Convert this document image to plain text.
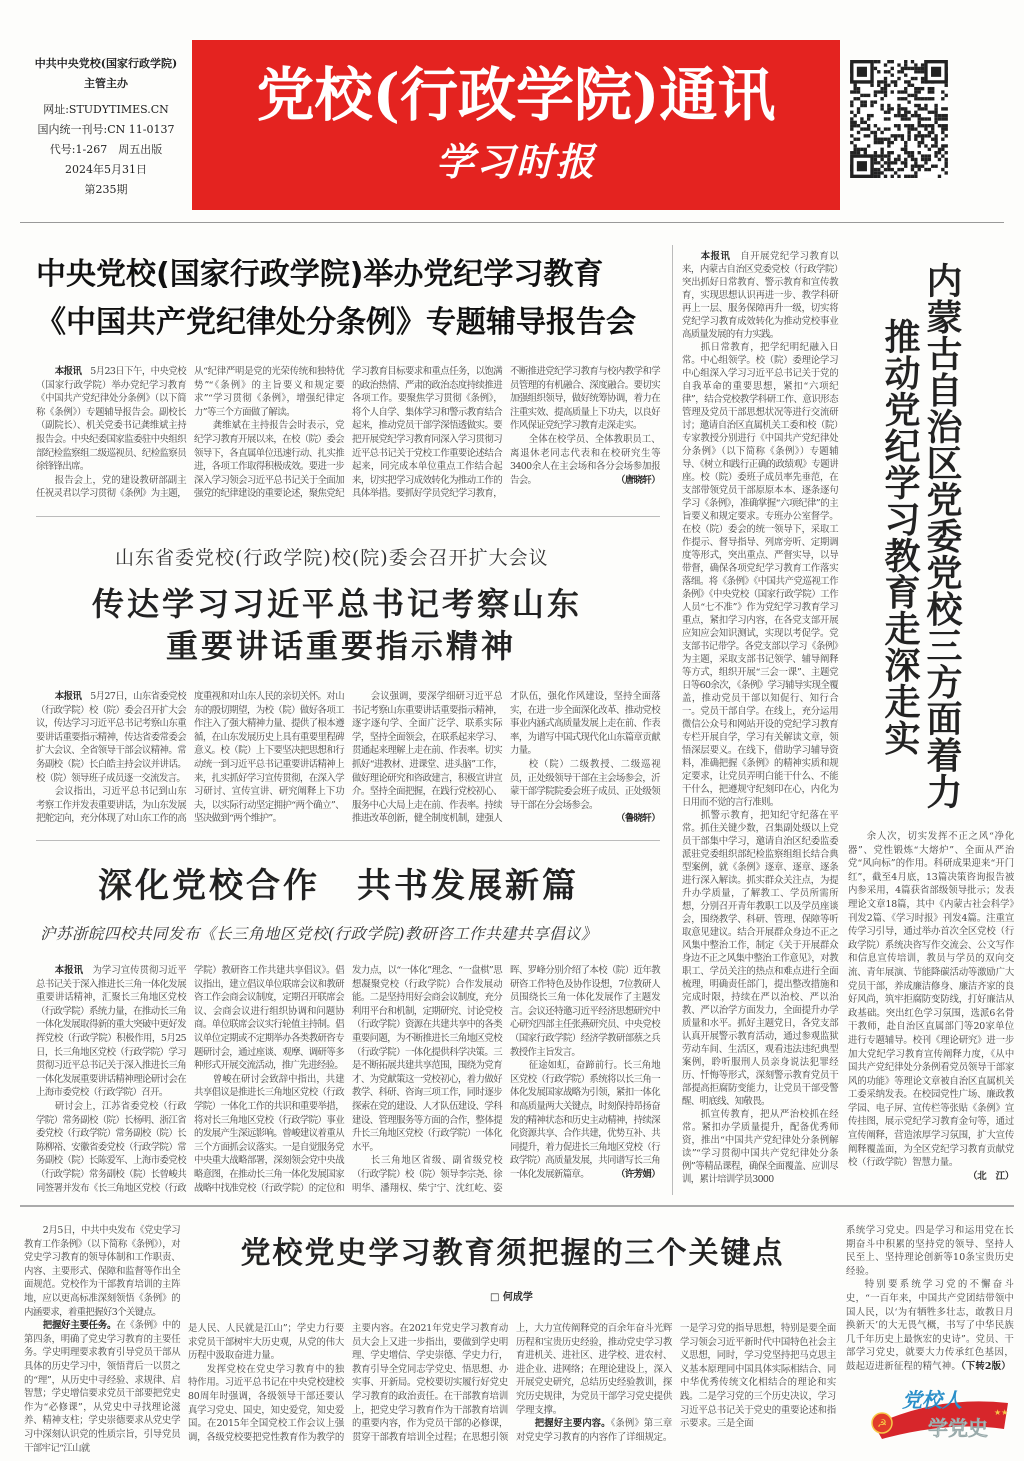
中共中央党校(国家行政学院)
主管主办
网址:STUDYTIMES.CN
国内统一刊号:CN 11-0137
代号:1-267　周五出版
2024年5月31日
第235期
党校(行政学院)通讯
学习时报
中央党校(国家行政学院)举办党纪学习教育
《中国共产党纪律处分条例》专题辅导报告会

本报讯　5月23日下午，中央党校（国家行政学院）举办党纪学习教育《中国共产党纪律处分条例》（以下简称《条例》）专题辅导报告会。副校长（副院长）、机关党委书记龚维斌主持报告会。中央纪委国家监委驻中央组织部纪检监察组二级巡视员、纪检监察员徐锋锋出席。

报告会上，党的建设教研部副主任祝灵君以学习贯彻《条例》为主题，从“纪律严明是党的光荣传统和独特优势”“《条例》的主旨要义和规定要求”“学习贯彻《条例》，增强纪律定力”等三个方面做了解读。

龚维斌在主持报告会时表示，党纪学习教育开展以来，在校（院）委会领导下，各直属单位迅速行动、扎实推进，各项工作取得积极成效。要进一步深入学习领会习近平总书记关于全面加强党的纪律建设的重要论述，聚焦党纪学习教育目标要求和重点任务，以饱满的政治热情、严肃的政治态度持续推进各项工作。要聚焦学习贯彻《条例》，将个人自学、集体学习和警示教育结合起来，推动党员干部学深悟透做实。要把开展党纪学习教育同深入学习贯彻习近平总书记关于党校工作重要论述结合起来，同完成本单位重点工作结合起来，切实把学习成效转化为推动工作的具体举措。要抓好学员党纪学习教育，不断推进党纪学习教育与校内教学和学员管理的有机融合、深度融合。要切实加强组织领导，做好统筹协调，着力在注重实效、提高质量上下功夫，以良好作风保证党纪学习教育走深走实。

全体在校学员、全体教职员工、离退休老同志代表和在校研究生等3400余人在主会场和各分会场参加报告会。	（唐晓轩）

山东省委党校(行政学院)校(院)委会召开扩大会议
传达学习习近平总书记考察山东
重要讲话重要指示精神

本报讯　5月27日，山东省委党校（行政学院）校（院）委会召开扩大会议，传达学习习近平总书记考察山东重要讲话重要指示精神，传达省委常委会扩大会议、全省领导干部会议精神。常务副校（院）长白皓主持会议并讲话。校（院）领导班子成员逐一交流发言。

会议指出，习近平总书记到山东考察工作并发表重要讲话，为山东发展把舵定向，充分体现了对山东工作的高度重视和对山东人民的亲切关怀。对山东的殷切期望，为校（院）做好各项工作注入了强大精神力量、提供了根本遵循，在山东发展历史上具有重要里程碑意义。校（院）上下要坚决把思想和行动统一到习近平总书记重要讲话精神上来，扎实抓好学习宣传贯彻，在深入学习研讨、宣传宣讲、研究阐释上下功夫，以实际行动坚定拥护“两个确立”、坚决做到“两个维护”。

会议强调，要深学细研习近平总书记考察山东重要讲话重要指示精神，逐字逐句学、全面广泛学、联系实际学，坚持全面领会，在联系起来学习、贯通起来理解上走在前、作表率。切实抓好“进教材、进课堂、进头脑”工作，做好理论研究和咨政建言，积极宣讲宣介。坚持全面把握，在践行党校初心、服务中心大局上走在前、作表率。持续推进改革创新，健全制度机制，建强人才队伍，强化作风建设，坚持全面落实，在进一步全面深化改革、推动党校事业内涵式高质量发展上走在前、作表率，为谱写中国式现代化山东篇章贡献力量。

校（院）二级教授、二级巡视员，正处级领导干部在主会场参会，沂蒙干部学院院委会班子成员、正处级领导干部在分会场参会。
（鲁晓轩）

深化党校合作　共书发展新篇
沪苏浙皖四校共同发布《长三角地区党校(行政学院)教研咨工作共建共享倡议》

本报讯　为学习宣传贯彻习近平总书记关于深入推进长三角一体化发展重要讲话精神，汇聚长三角地区党校（行政学院）系统力量，在推动长三角一体化发展取得新的重大突破中更好发挥党校（行政学院）积极作用，5月25日，长三角地区党校（行政学院）学习贯彻习近平总书记关于深入推进长三角一体化发展重要讲话精神理论研讨会在上海市委党校（行政学院）召开。

研讨会上，江苏省委党校（行政学院）常务副校（院）长杨明、浙江省委党校（行政学院）常务副校（院）长陈柳裕、安徽省委党校（行政学院）常务副校（院）长陈爱军、上海市委党校（行政学院）常务副校（院）长曾峻共同签署并发布《长三角地区党校（行政学院）教研咨工作共建共享倡议》。倡议指出，建立倡议单位联席会议和教研咨工作会商会议制度，定期召开联席会议、会商会议进行组织协调和问题协商。单位联席会议实行轮值主持制。倡议单位定期或不定期举办各类教研咨专题研讨会，通过座谈、观摩、调研等多种形式开展交流活动，推广先进经验。

曾峻在研讨会致辞中指出，共建共享倡议是推进长三角地区党校（行政学院）一体化工作的共识和重要举措，将对长三角地区党校（行政学院）事业的发展产生深远影响。曾峻建议着重从三个方面抓会议落实。一是自觉服务党中央重大战略部署，深刻领会党中央战略意图，在推动长三角一体化发展国家战略中找准党校（行政学院）的定位和发力点，以“一体化”理念、“一盘棋”思想凝聚党校（行政学院）合作发展动能。二是坚持用好会商会议制度，充分利用平台和机制，定期研究、讨论党校（行政学院）资源在共建共享中的各类重要问题，为不断推进长三角地区党校（行政学院）一体化提供科学决策。三是不断拓展共建共享范围，围绕为党育才、为党献策这一党校初心，着力做好教学、科研、咨询三项工作，同时逐步探索在党的建设、人才队伍建设、学科建设、管理服务等方面的合作，整体提升长三角地区党校（行政学院）一体化水平。

长三角地区省级、副省级党校（行政学院）校（院）领导李宗尧、徐明华、潘翔权、柴宁宁、沈红屹、姿晖、罗峰分别介绍了本校（院）近年教研咨工作特色及协作设想，7位教研人员围绕长三角一体化发展作了主题发言。会议还特邀习近平经济思想研究中心研究四部主任张燕研究员、中央党校（国家行政学院）经济学教研部蔡之兵教授作主旨发言。

征途如虹，奋蹄前行。长三角地区党校（行政学院）系统将以长三角一体化发展国家战略为引领，紧扣一体化和高质量两大关键点，时刻保持昂扬奋发的精神状态和历史主动精神，持续深化资源共享、合作共建，优势互补、共同提升，着力促进长三角地区党校（行政学院）高质量发展，共同谱写长三角一体化发展新篇章。	（许芳娟）

本报讯　自开展党纪学习教育以来，内蒙古自治区党委党校（行政学院）突出抓好日常教育、警示教育和宣传教育，实现思想认识再进一步、教学科研再上一层、服务保障再升一级，切实将党纪学习教育成效转化为推动党校事业高质量发展的有力实践。

抓日常教育，把学纪明纪融入日常。中心组领学。校（院）委理论学习中心组深入学习习近平总书记关于党的自我革命的重要思想，紧扣“六项纪律”，结合党校教学科研工作、意识形态管理及党员干部思想状况等进行交流研讨；邀请自治区直属机关工委和校（院）专家教授分别进行《中国共产党纪律处分条例》（以下简称《条例》）专题辅导、《树立和践行正确的政绩观》专题讲座。校（院）委班子成员率先垂范，在支部带领党员干部原原本本、逐条逐句学习《条例》，准确掌握“六项纪律”的主旨要义和规定要求。专班办公室督学。在校（院）委会的统一领导下，采取工作提示、督导指导、列席旁听、定期调度等形式，突出重点、严督实导，以导带督，确保各项党纪学习教育工作落实落细。将《条例》《中国共产党巡视工作条例》《中央党校（国家行政学院）工作人员“七不准”》作为党纪学习教育学习重点，紧扣学习内容，在各党支部开展应知应会知识测试，实现以考促学。党支部书记带学。各党支部以学习《条例》为主题，采取支部书记领学、辅导阐释等方式，组织开展“三会一课”、主题党日等60余次，《条例》学习辅导实现全覆盖，推动党员干部以知促行、知行合一。党员干部自学。在线上，充分运用微信公众号和网站开设的党纪学习教育专栏开展自学，学习有关解读文章，领悟深层要义。在线下，借助学习辅导资料，准确把握《条例》的精神实质和规定要求，让党员弄明白能干什么、不能干什么，把遵规守纪刻印在心，内化为日用而不觉的言行准则。

抓警示教育，把知纪守纪落在平常。抓住关键少数，召集副处级以上党员干部集中学习，邀请自治区纪委监委派驻党委组织部纪检监察组组长结合典型案例，就《条例》逐章、逐章、逐条进行深入解读。抓实群众关注点，为提升办学质量，了解教工、学员所需所想，分别召开青年教职工以及学员座谈会，围绕教学、科研、管理、保障等听取意见建议。结合开展群众身边不正之风集中整治工作，制定《关于开展群众身边不正之风集中整治工作意见》，对教职工、学员关注的热点和难点进行全面梳理，明确责任部门，提出整改措施和完成时限，持续在严以治校、严以治教、严以治学方面发力，全面提升办学质量和水平。抓好主题党日，各党支部认真开展警示教育活动，通过参观监狱劳动车间、生活区，观看违法违纪典型案例，聆听服刑人员亲身说法犯罪经历、忏悔等形式，深刻警示教育党员干部提高拒腐防变能力，让党员干部受警醒、明底线、知敬畏。

抓宣传教育，把从严治校抓在经常。紧扣办学质量提升，配备优秀师资，推出“中国共产党纪律处分条例解读”“学习贯彻中国共产党纪律处分条例”等精品课程，确保全面覆盖、应训尽训，累计培训学员3000

内蒙古自治区党委党校三方面着力
推动党纪学习教育走深走实

余人次，切实发挥不正之风“净化器”、党性锻炼“大熔炉”、全面从严治党“风向标”的作用。科研成果迎来“开门红”，截至4月底，13篇决策咨询报告被内参采用，4篇获省部级领导批示；发表理论文章18篇，其中《内蒙古社会科学》刊发2篇、《学习时报》刊发4篇。注重宣传学习引导，通过举办首次全区党校（行政学院）系统决咨写作交流会、公文写作和信息宣传培训，教员与学员的双向交流、青年展演、节能降碳活动等激励广大党员干部，养成廉洁修身、廉洁齐家的良好风尚，筑牢拒腐防变防线，打好廉洁从政基础。突出红色学习氛围，选派6名骨干教师，赴自治区直属部门等20家单位进行专题辅导。校刊《理论研究》进一步加大党纪学习教育宣传阐释力度，《从中国共产党纪律处分条例看党员领导干部家风的功能》等理论文章被自治区直属机关工委采纳发表。在校园党性广场、廉政教学园、电子屏、宣传栏等张贴《条例》宣传挂图，展示党纪学习教育金句等，通过宣传阐释，营造浓厚学习氛围，扩大宣传阐释覆盖面，为全区党纪学习教育贡献党校（行政学院）智慧力量。
（北　江）

2月5日，中共中央发布《党史学习教育工作条例》（以下简称《条例》），对党史学习教育的领导体制和工作职责、内容、主要形式、保障和监督等作出全面规范。党校作为干部教育培训的主阵地，应以更高标准深刻领悟《条例》的内涵要求，着重把握好3个关键点。

把握好主要任务。在《条例》中的第四条，明确了党史学习教育的主要任务。学史明理要求教育引导党员干部从具体的历史学习中，领悟背后一以贯之的“理”，从历史中寻经验、求规律、启智慧；学史增信要求党员干部要把党史作为“必修课”，从党史中寻找理论滋养、精神支柱；学史崇德要求从党史学习中深刻认识党的性质宗旨，引导党员干部牢记“江山就

党校党史学习教育须把握的三个关键点
□ 何成学

是人民、人民就是江山”；学史力行要求党员干部树牢大历史观，从党的伟大历程中汲取奋进力量。

发挥党校在党史学习教育中的独特作用。习近平总书记在中央党校建校80周年时强调，各级领导干部还要认真学习党史、国史，知史爱党，知史爱国。在2015年全国党校工作会议上强调，各级党校要把党性教育作为教学的主要内容。在2021年党史学习教育动员大会上又进一步指出，要做到学史明理、学史增信、学史崇德、学史力行，教育引导全党同志学党史、悟思想、办实事、开新局。党校要切实履行好党史学习教育的政治责任。在干部教育培训上，把党史学习教育作为干部教育培训的重要内容，作为党员干部的必修课，贯穿干部教育培训全过程；在思想引领上，大力宣传阐释党的百余年奋斗光辉历程和宝贵历史经验，推动党史学习教育进机关、进社区、进学校、进农村、进企业、进网络；在理论建设上，深入开展党史研究，总结历史经验教训，探究历史规律，为党员干部学习党史提供学理支撑。

把握好主要内容。《条例》第三章对党史学习教育的内容作了详细规定。一是学习党的指导思想，特别是要全面学习领会习近平新时代中国特色社会主义思想，同时，学习党坚持把马克思主义基本原理同中国具体实际相结合、同中华优秀传统文化相结合的理论和实践。二是学习党的三个历史决议，学习习近平总书记关于党史的重要论述和指示要求。三是全面

系统学习党史。四是学习和运用党在长期奋斗中积累的坚持党的领导、坚持人民至上、坚持理论创新等10条宝贵历史经验。

特别要系统学习党的不懈奋斗史，“一百年来，中国共产党团结带领中国人民，以‘为有牺牲多壮志，敢教日月换新天’的大无畏气概，书写了中华民族几千年历史上最恢宏的史诗”。党员、干部学习党史，就要大力传承红色基因，鼓起迈进新征程的精气神。（下转2版）

☭
党校人
学党史
★★
